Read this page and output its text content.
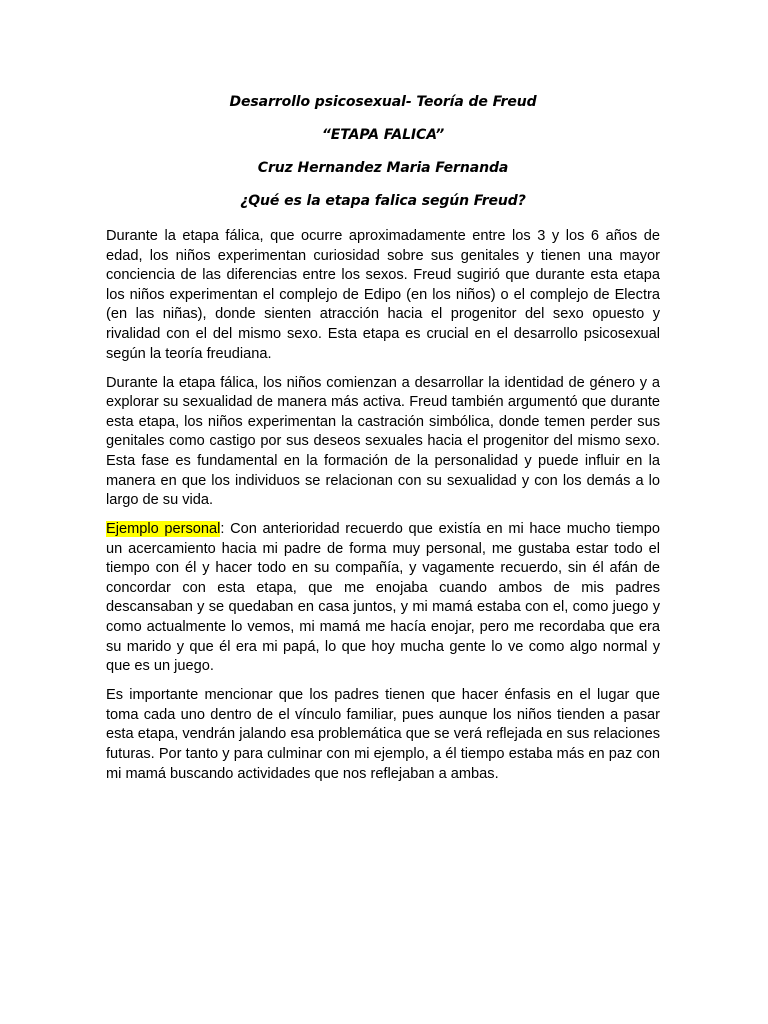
Desarrollo psicosexual- Teoría de Freud
“ETAPA FALICA”
Cruz Hernandez Maria Fernanda
¿Qué es la etapa falica según Freud?

Durante la etapa fálica, que ocurre aproximadamente entre los 3 y los 6 años de edad, los niños experimentan curiosidad sobre sus genitales y tienen una mayor conciencia de las diferencias entre los sexos. Freud sugirió que durante esta etapa los niños experimentan el complejo de Edipo (en los niños) o el complejo de Electra (en las niñas), donde sienten atracción hacia el progenitor del sexo opuesto y rivalidad con el del mismo sexo. Esta etapa es crucial en el desarrollo psicosexual según la teoría freudiana.

Durante la etapa fálica, los niños comienzan a desarrollar la identidad de género y a explorar su sexualidad de manera más activa. Freud también argumentó que durante esta etapa, los niños experimentan la castración simbólica, donde temen perder sus genitales como castigo por sus deseos sexuales hacia el progenitor del mismo sexo. Esta fase es fundamental en la formación de la personalidad y puede influir en la manera en que los individuos se relacionan con su sexualidad y con los demás a lo largo de su vida.

Ejemplo personal: Con anterioridad recuerdo que existía en mi hace mucho tiempo un acercamiento hacia mi padre de forma muy personal, me gustaba estar todo el tiempo con él y hacer todo en su compañía, y vagamente recuerdo, sin él afán de concordar con esta etapa, que me enojaba cuando ambos de mis padres descansaban y se quedaban en casa juntos, y mi mamá estaba con el, como juego y como actualmente lo vemos, mi mamá me hacía enojar, pero me recordaba que era su marido y que él era mi papá, lo que hoy mucha gente lo ve como algo normal y que es un juego.

Es importante mencionar que los padres tienen que hacer énfasis en el lugar que toma cada uno dentro de el vínculo familiar, pues aunque los niños tienden a pasar esta etapa, vendrán jalando esa problemática que se verá reflejada en sus relaciones futuras. Por tanto y para culminar con mi ejemplo, a él tiempo estaba más en paz con mi mamá buscando actividades que nos reflejaban a ambas.
